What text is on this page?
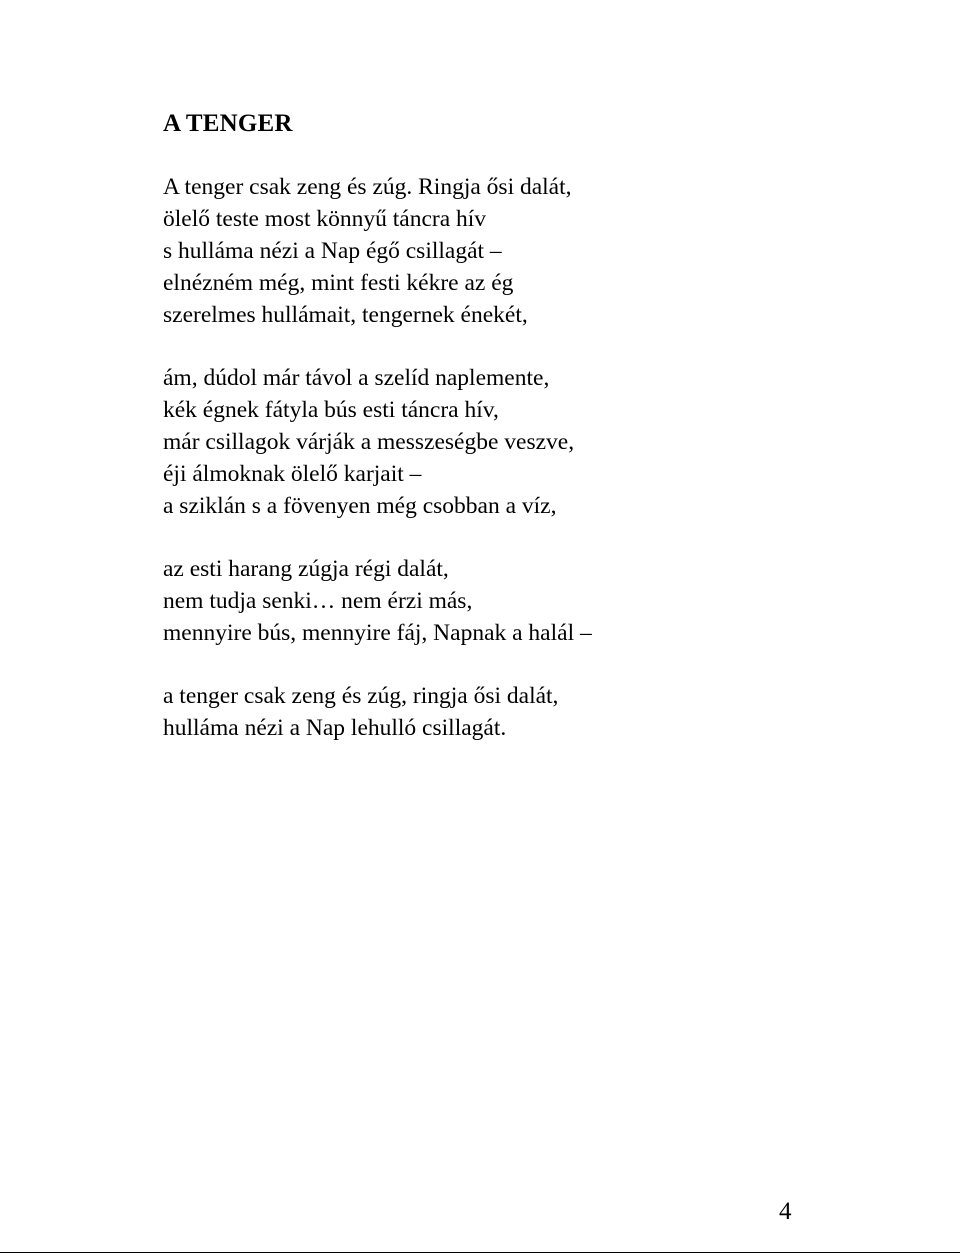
A TENGER
A tenger csak zeng és zúg. Ringja ősi dalát,
ölelő teste most könnyű táncra hív
s hulláma nézi a Nap égő csillagát –
elnézném még, mint festi kékre az ég
szerelmes hullámait, tengernek énekét,
ám, dúdol már távol a szelíd naplemente,
kék égnek fátyla bús esti táncra hív,
már csillagok várják a messzeségbe veszve,
éji álmoknak ölelő karjait –
a sziklán s a fövenyen még csobban a víz,
az esti harang zúgja régi dalát,
nem tudja senki… nem érzi más,
mennyire bús, mennyire fáj, Napnak a halál –
a tenger csak zeng és zúg, ringja ősi dalát,
hulláma nézi a Nap lehulló csillagát.
4
